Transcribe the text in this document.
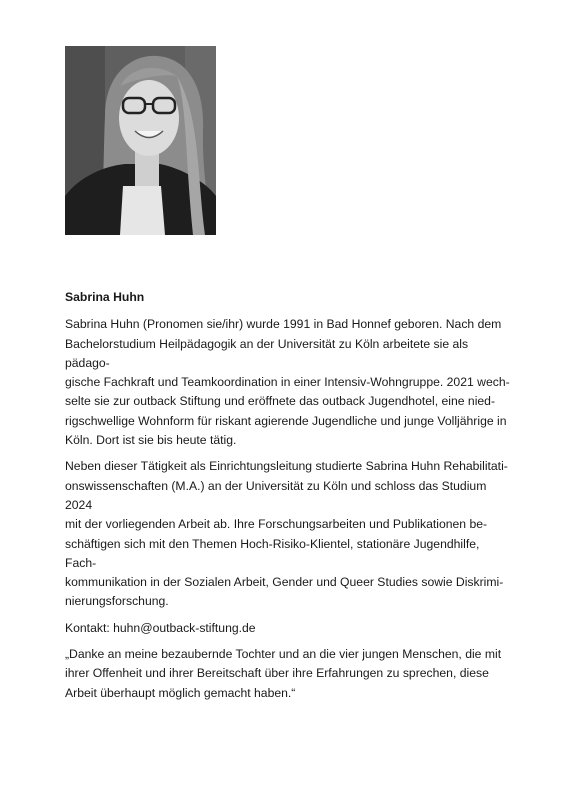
Sabrina Huhn

Sabrina Huhn (Pronomen sie/ihr) wurde 1991 in Bad Honnef geboren. Nach dem
Bachelorstudium Heilpädagogik an der Universität zu Köln arbeitete sie als pädago-
gische Fachkraft und Teamkoordination in einer Intensiv-Wohngruppe. 2021 wech-
selte sie zur outback Stiftung und eröffnete das outback Jugendhotel, eine nied-
rigschwellige Wohnform für riskant agierende Jugendliche und junge Volljährige in
Köln. Dort ist sie bis heute tätig.

Neben dieser Tätigkeit als Einrichtungsleitung studierte Sabrina Huhn Rehabilitati-
onswissenschaften (M.A.) an der Universität zu Köln und schloss das Studium 2024
mit der vorliegenden Arbeit ab. Ihre Forschungsarbeiten und Publikationen be-
schäftigen sich mit den Themen Hoch-Risiko-Klientel, stationäre Jugendhilfe, Fach-
kommunikation in der Sozialen Arbeit, Gender und Queer Studies sowie Diskrimi-
nierungsforschung.

Kontakt: huhn@outback-stiftung.de

„Danke an meine bezaubernde Tochter und an die vier jungen Menschen, die mit
ihrer Offenheit und ihrer Bereitschaft über ihre Erfahrungen zu sprechen, diese
Arbeit überhaupt möglich gemacht haben.“
